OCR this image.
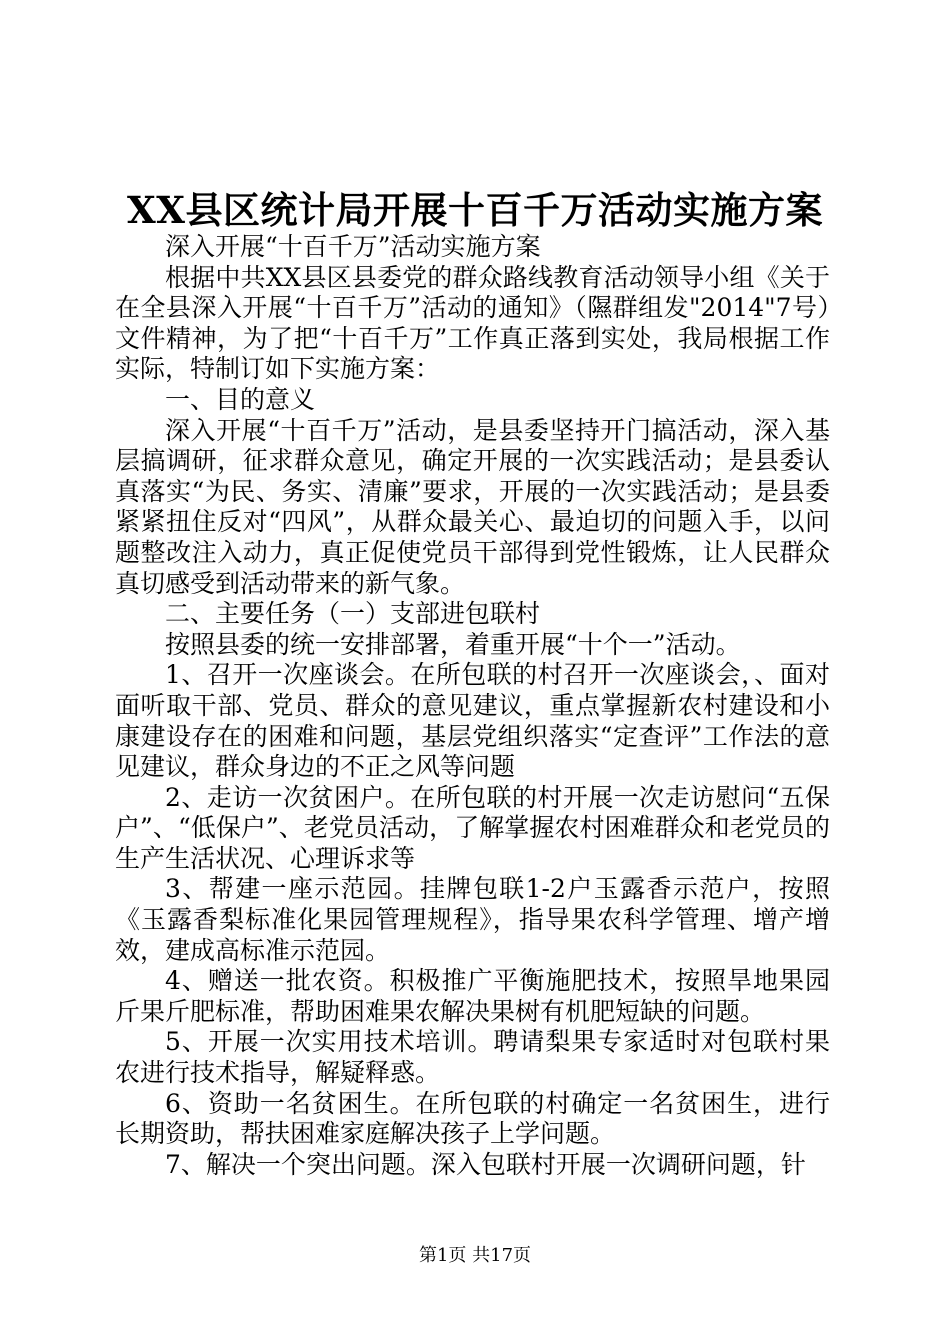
XX县区统计局开展十百千万活动实施方案

深入开展“十百千万”活动实施方案

根据中共XX县区县委党的群众路线教育活动领导小组《关于在全县深入开展“十百千万”活动的通知》（隰群组发"2014"7号）文件精神，为了把“十百千万”工作真正落到实处，我局根据工作实际，特制订如下实施方案：

一、目的意义

深入开展“十百千万”活动，是县委坚持开门搞活动，深入基层搞调研，征求群众意见，确定开展的一次实践活动；是县委认真落实“为民、务实、清廉”要求，开展的一次实践活动；是县委紧紧扭住反对“四风”，从群众最关心、最迫切的问题入手，以问题整改注入动力，真正促使党员干部得到党性锻炼，让人民群众真切感受到活动带来的新气象。

二、主要任务（一）支部进包联村

按照县委的统一安排部署，着重开展“十个一”活动。

1、召开一次座谈会。在所包联的村召开一次座谈会，、面对面听取干部、党员、群众的意见建议，重点掌握新农村建设和小康建设存在的困难和问题，基层党组织落实“定查评”工作法的意见建议，群众身边的不正之风等问题

2、走访一次贫困户。在所包联的村开展一次走访慰问“五保户”、“低保户”、老党员活动，了解掌握农村困难群众和老党员的生产生活状况、心理诉求等

3、帮建一座示范园。挂牌包联1-2户玉露香示范户，按照《玉露香梨标准化果园管理规程》，指导果农科学管理、增产增效，建成高标准示范园。

4、赠送一批农资。积极推广平衡施肥技术，按照旱地果园斤果斤肥标准，帮助困难果农解决果树有机肥短缺的问题。

5、开展一次实用技术培训。聘请梨果专家适时对包联村果农进行技术指导，解疑释惑。

6、资助一名贫困生。在所包联的村确定一名贫困生，进行长期资助，帮扶困难家庭解决孩子上学问题。

7、解决一个突出问题。深入包联村开展一次调研问题，针

第1页 共17页
